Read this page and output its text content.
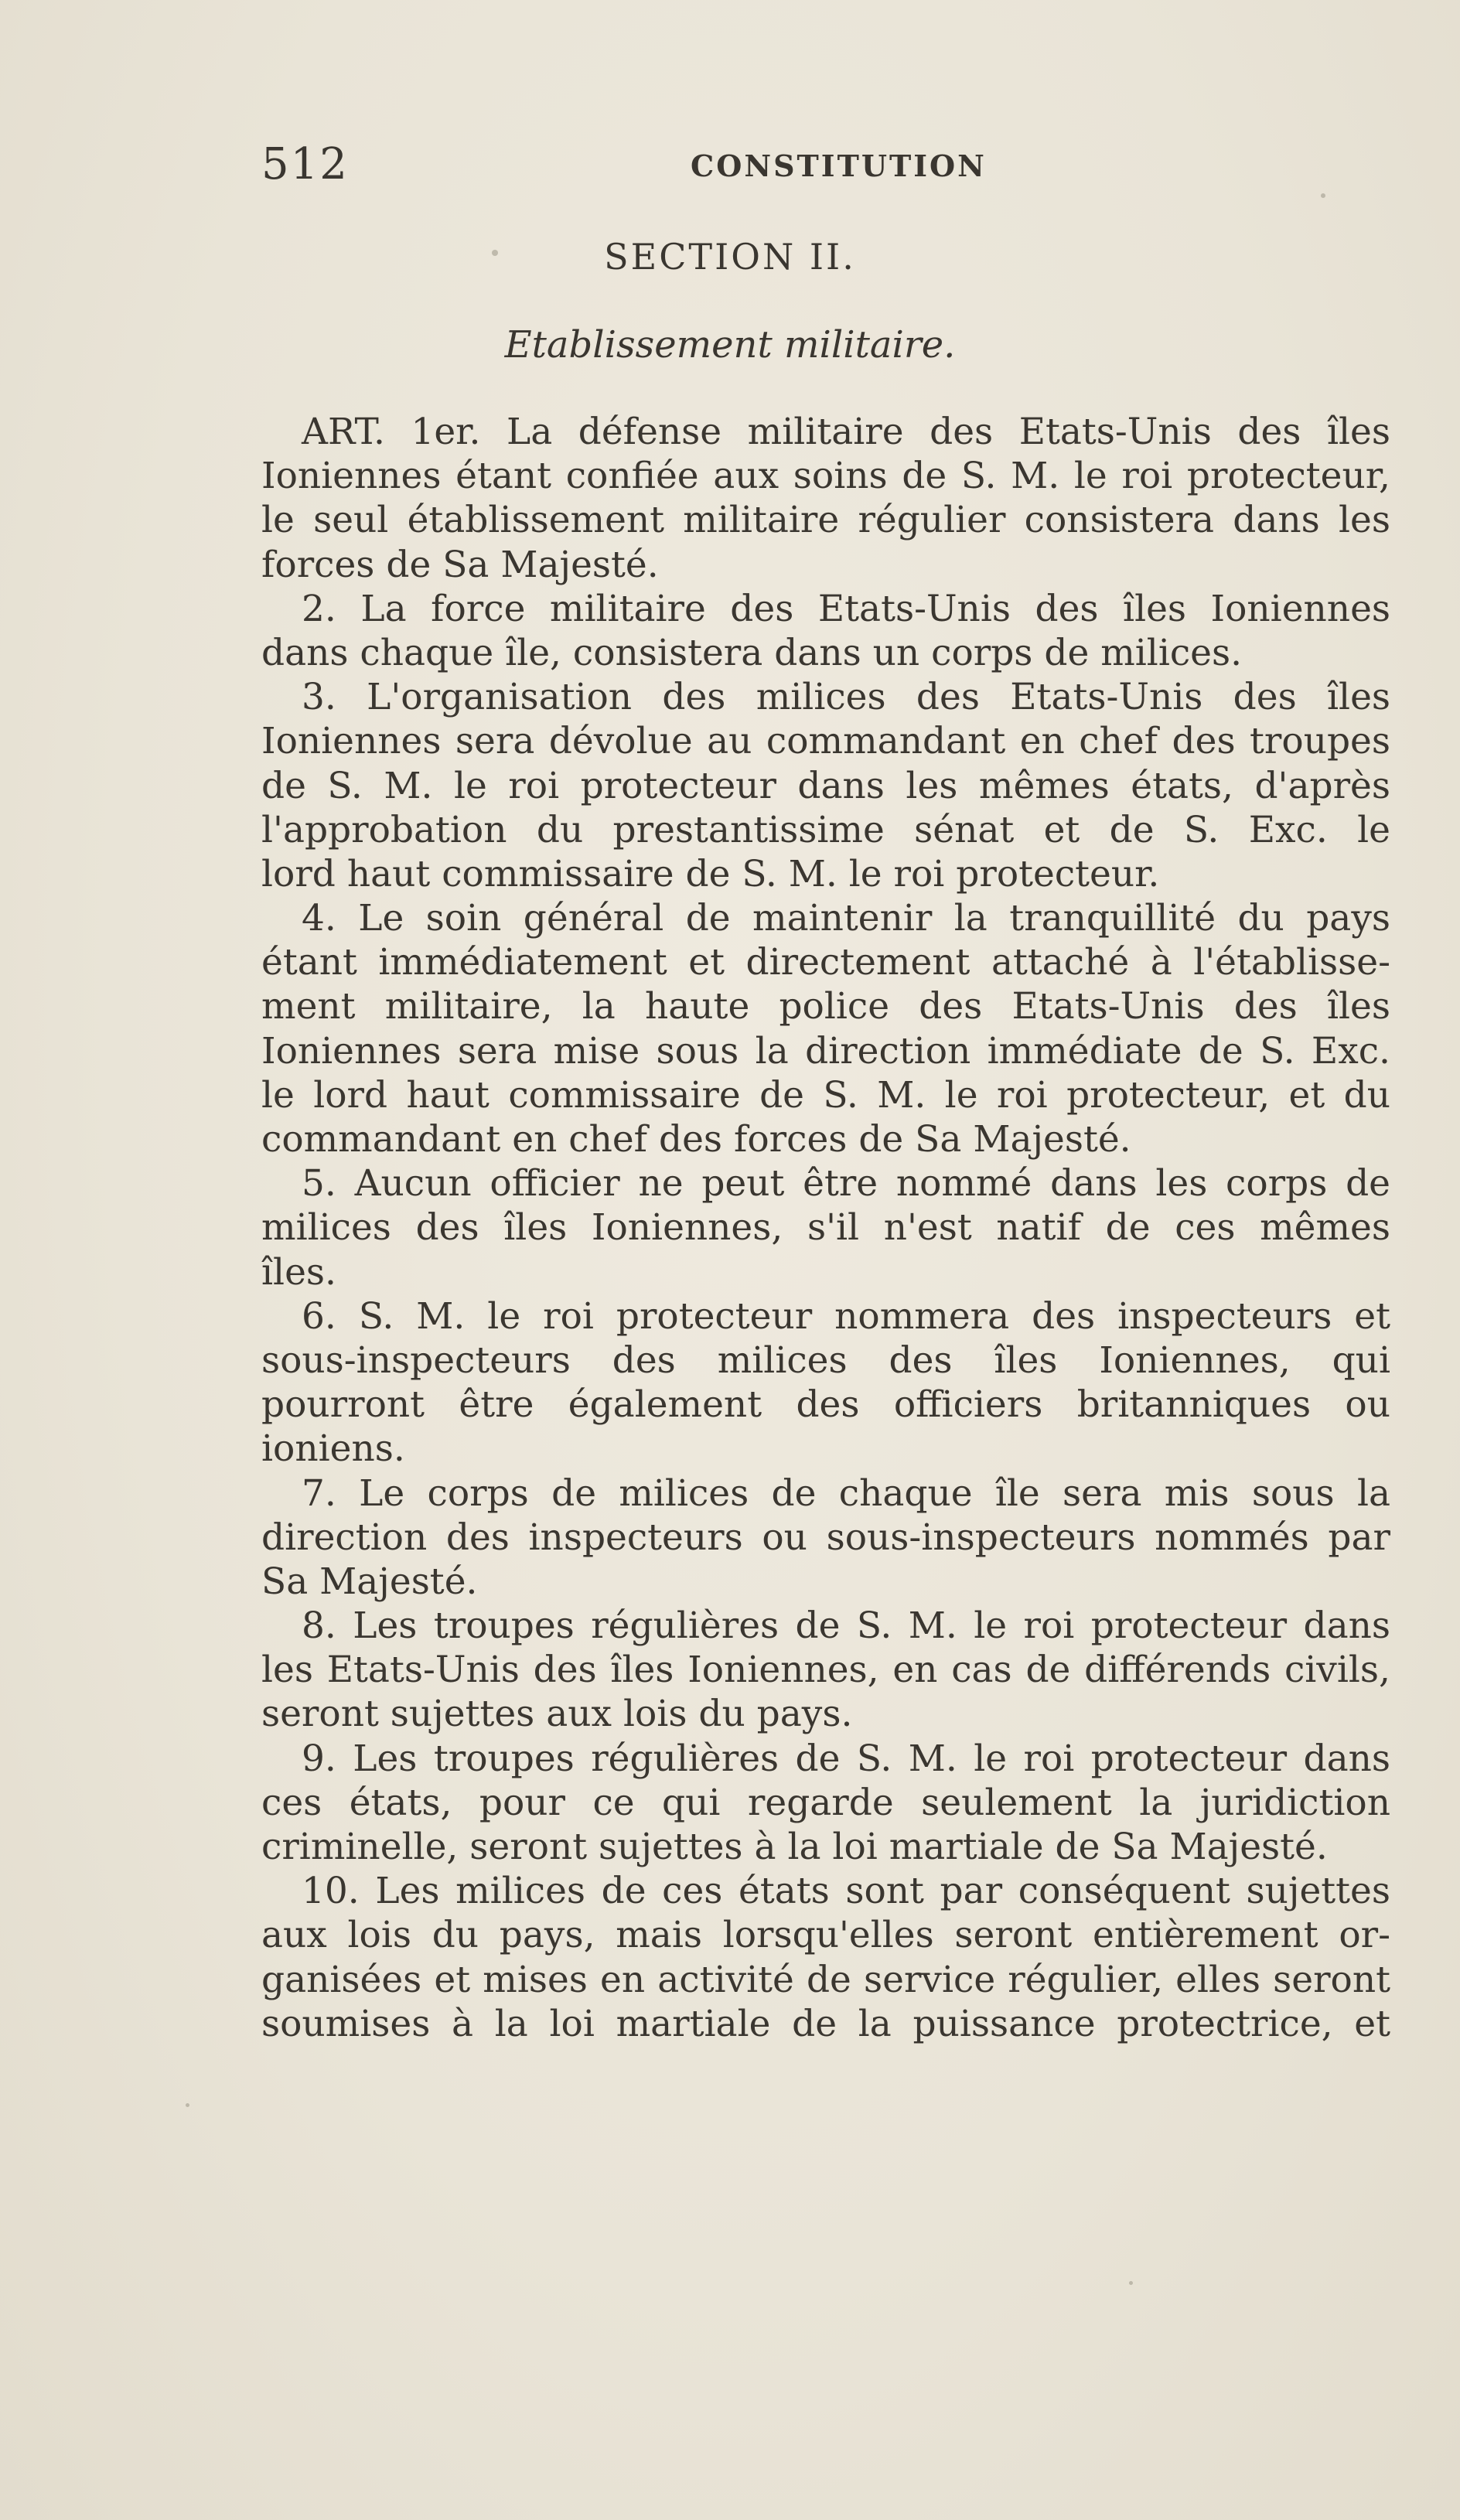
512	CONSTITUTION
SECTION II.
Etablissement militaire.
ART. 1er. La défense militaire des Etats-Unis des îles
Ioniennes étant confiée aux soins de S. M. le roi protecteur,
le seul établissement militaire régulier consistera dans les
forces de Sa Majesté.
2. La force militaire des Etats-Unis des îles Ioniennes
dans chaque île, consistera dans un corps de milices.
3. L'organisation des milices des Etats-Unis des îles
Ioniennes sera dévolue au commandant en chef des troupes
de S. M. le roi protecteur dans les mêmes états, d'après
l'approbation du prestantissime sénat et de S. Exc. le
lord haut commissaire de S. M. le roi protecteur.
4. Le soin général de maintenir la tranquillité du pays
étant immédiatement et directement attaché à l'établisse-
ment militaire, la haute police des Etats-Unis des îles
Ioniennes sera mise sous la direction immédiate de S. Exc.
le lord haut commissaire de S. M. le roi protecteur, et du
commandant en chef des forces de Sa Majesté.
5. Aucun officier ne peut être nommé dans les corps de
milices des îles Ioniennes, s'il n'est natif de ces mêmes
îles.
6. S. M. le roi protecteur nommera des inspecteurs et
sous-inspecteurs des milices des îles Ioniennes, qui
pourront être également des officiers britanniques ou
ioniens.
7. Le corps de milices de chaque île sera mis sous la
direction des inspecteurs ou sous-inspecteurs nommés par
Sa Majesté.
8. Les troupes régulières de S. M. le roi protecteur dans
les Etats-Unis des îles Ioniennes, en cas de différends civils,
seront sujettes aux lois du pays.
9. Les troupes régulières de S. M. le roi protecteur dans
ces états, pour ce qui regarde seulement la juridiction
criminelle, seront sujettes à la loi martiale de Sa Majesté.
10. Les milices de ces états sont par conséquent sujettes
aux lois du pays, mais lorsqu'elles seront entièrement or-
ganisées et mises en activité de service régulier, elles seront
soumises à la loi martiale de la puissance protectrice, et
